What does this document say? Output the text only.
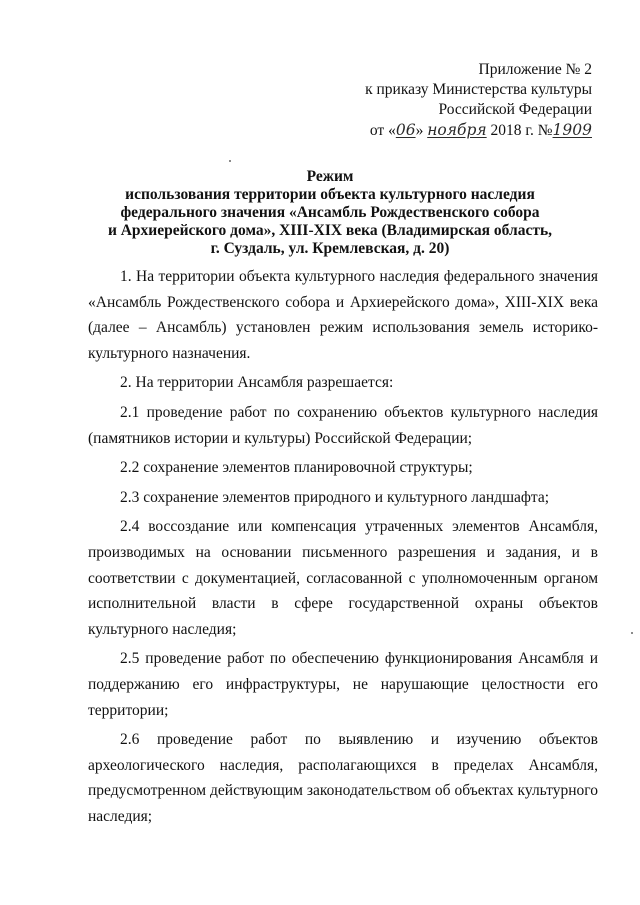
Приложение № 2
к приказу Министерства культуры
Российской Федерации
от «06» ноября 2018 г. №1909
Режим
использования территории объекта культурного наследия
федерального значения «Ансамбль Рождественского собора
и Архиерейского дома», XIII-XIX века (Владимирская область,
г. Суздаль, ул. Кремлевская, д. 20)

1. На территории объекта культурного наследия федерального значения «Ансамбль Рождественского собора и Архиерейского дома», XIII-XIX века (далее – Ансамбль) установлен режим использования земель историко-культурного назначения.

2. На территории Ансамбля разрешается:

2.1 проведение работ по сохранению объектов культурного наследия (памятников истории и культуры) Российской Федерации;

2.2 сохранение элементов планировочной структуры;

2.3 сохранение элементов природного и культурного ландшафта;

2.4 воссоздание или компенсация утраченных элементов Ансамбля, производимых на основании письменного разрешения и задания, и в соответствии с документацией, согласованной с уполномоченным органом исполнительной власти в сфере государственной охраны объектов культурного наследия;

2.5 проведение работ по обеспечению функционирования Ансамбля и поддержанию его инфраструктуры, не нарушающие целостности его территории;

2.6 проведение работ по выявлению и изучению объектов археологического наследия, располагающихся в пределах Ансамбля, предусмотренном действующим законодательством об объектах культурного наследия;
